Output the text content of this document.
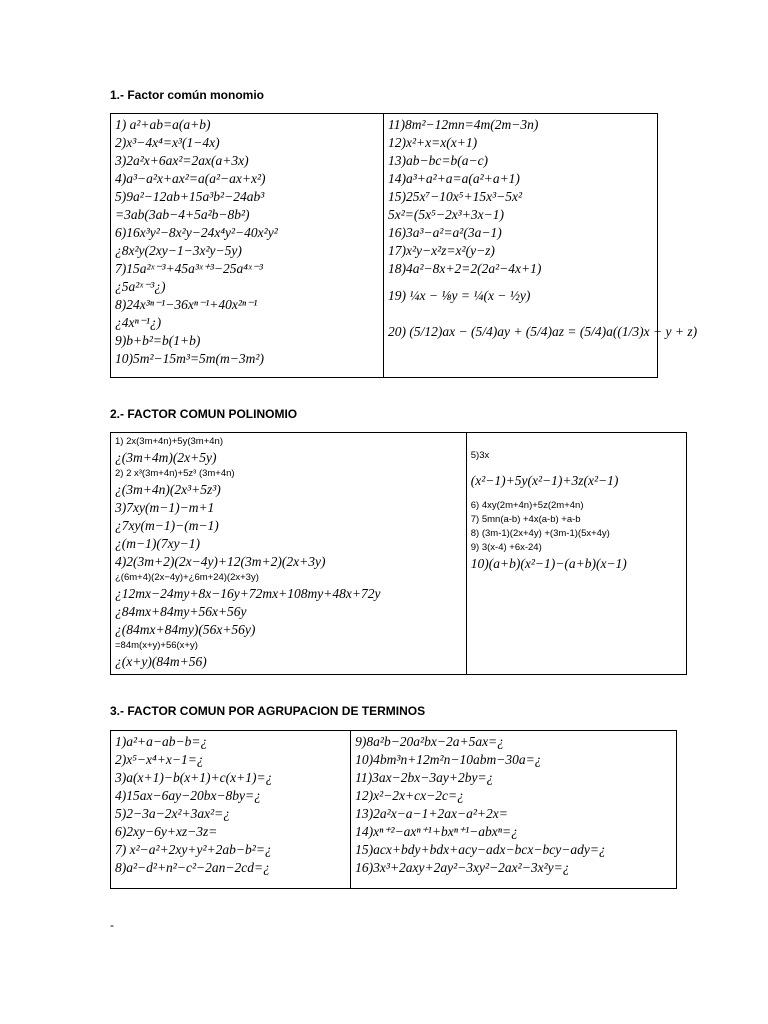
1.- Factor común monomio
1) a²+ab=a(a+b)
2)x³−4x⁴=x³(1−4x)
3)2a²x+6ax²=2ax(a+3x)
4)a³−a²x+ax²=a(a²−ax+x²)
5)9a²−12ab+15a³b²−24ab³
=3ab(3ab−4+5a²b−8b²)
6)16x³y²−8x²y−24x⁴y²−40x²y²
¿8x²y(2xy−1−3x²y−5y)
7)15a²ˣ⁻³+45a³ˣ⁺³−25a⁴ˣ⁻³
¿5a²ˣ⁻³¿)
8)24x³ⁿ⁻¹−36xⁿ⁻¹+40x²ⁿ⁻¹
¿4xⁿ⁻¹¿)
9)b+b²=b(1+b)
10)5m²−15m³=5m(m−3m²)
11)8m²−12mn=4m(2m−3n)
12)x²+x=x(x+1)
13)ab−bc=b(a−c)
14)a³+a²+a=a(a²+a+1)
15)25x⁷−10x⁵+15x³−5x²
5x²=(5x⁵−2x³+3x−1)
16)3a³−a²=a²(3a−1)
17)x²y−x²z=x²(y−z)
18)4a²−8x+2=2(2a²−4x+1)
19) ¼x − ⅛y = ¼(x − ½y)
20) (5/12)ax − (5/4)ay + (5/4)az = (5/4)a((1/3)x − y + z)
2.- FACTOR COMUN POLINOMIO
1) 2x(3m+4n)+5y(3m+4n)
¿(3m+4m)(2x+5y)
2) 2 x³(3m+4n)+5z³ (3m+4n)
¿(3m+4n)(2x³+5z³)
3)7xy(m−1)−m+1
¿7xy(m−1)−(m−1)
¿(m−1)(7xy−1)
4)2(3m+2)(2x−4y)+12(3m+2)(2x+3y)
¿(6m+4)(2x−4y)+¿6m+24)(2x+3y)
¿12mx−24my+8x−16y+72mx+108my+48x+72y
¿84mx+84my+56x+56y
¿(84mx+84my)(56x+56y)
=84m(x+y)+56(x+y)
¿(x+y)(84m+56)
5)3x
(x²−1)+5y(x²−1)+3z(x²−1)
6) 4xy(2m+4n)+5z(2m+4n)
7) 5mn(a-b) +4x(a-b) +a-b
8) (3m-1)(2x+4y) +(3m-1)(5x+4y)
9) 3(x-4) +6x-24)
10)(a+b)(x²−1)−(a+b)(x−1)
3.- FACTOR COMUN POR AGRUPACION DE TERMINOS
1)a²+a−ab−b=¿
2)x⁵−x⁴+x−1=¿
3)a(x+1)−b(x+1)+c(x+1)=¿
4)15ax−6ay−20bx−8by=¿
5)2−3a−2x²+3ax²=¿
6)2xy−6y+xz−3z=
7) x²−a²+2xy+y²+2ab−b²=¿
8)a²−d²+n²−c²−2an−2cd=¿
9)8a²b−20a²bx−2a+5ax=¿
10)4bm³n+12m²n−10abm−30a=¿
11)3ax−2bx−3ay+2by=¿
12)x²−2x+cx−2c=¿
13)2a²x−a−1+2ax−a²+2x=
14)xⁿ⁺²−axⁿ⁺¹+bxⁿ⁺¹−abxⁿ=¿
15)acx+bdy+bdx+acy−adx−bcx−bcy−ady=¿
16)3x³+2axy+2ay²−3xy²−2ax²−3x²y=¿
-
